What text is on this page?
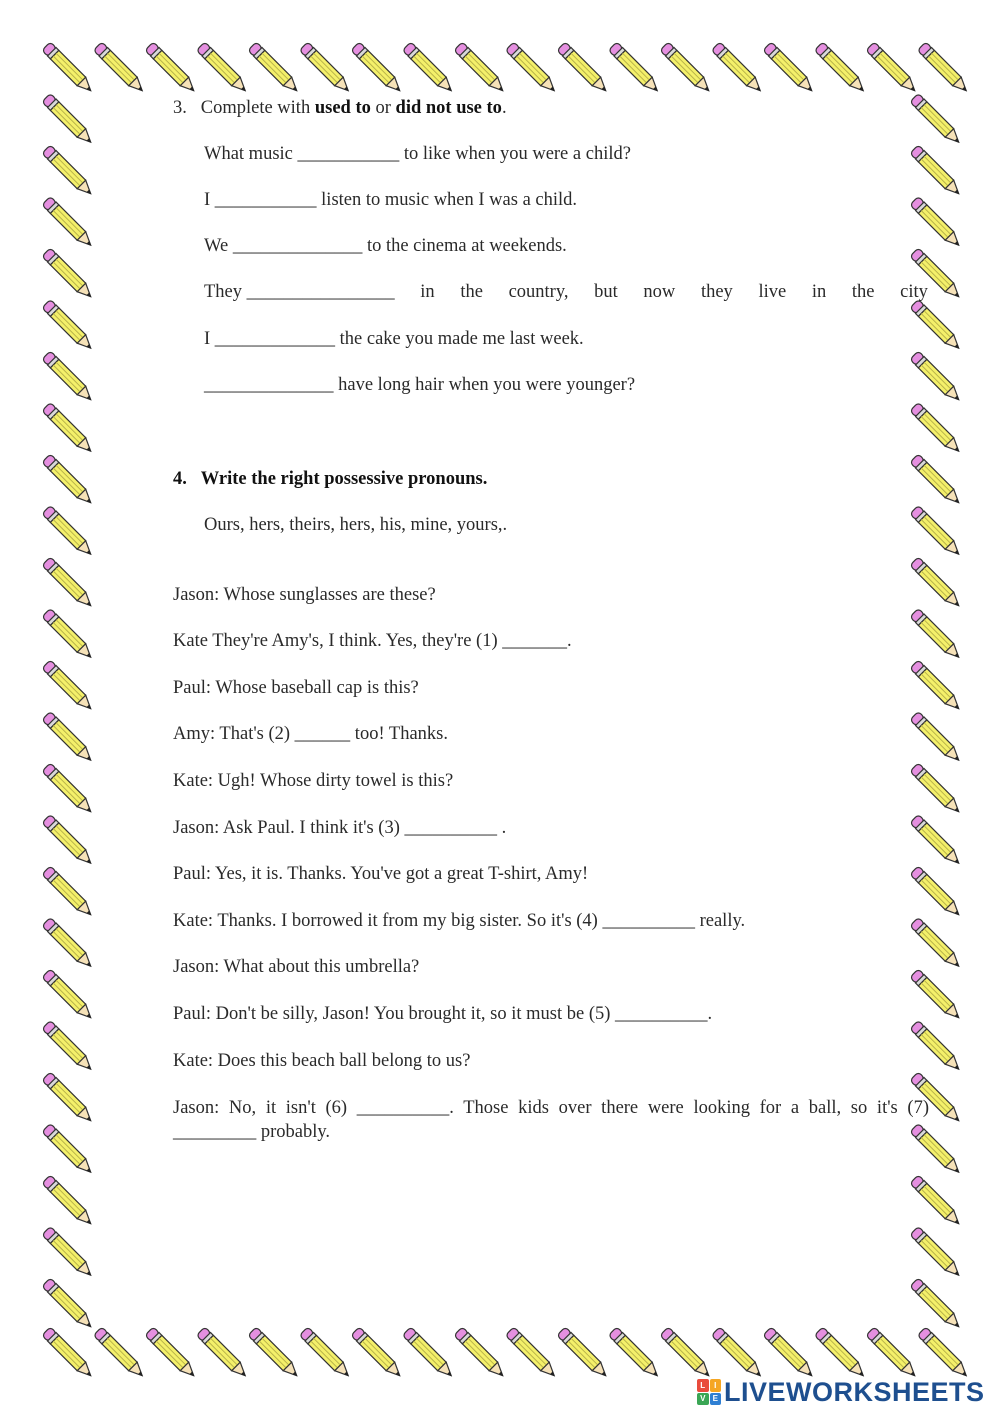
3. Complete with used to or did not use to.
What music ___________ to like when you were a child?
I ___________ listen to music when I was a child.
We ______________ to the cinema at weekends.
They ________________ in the country, but now they live in the city
I _____________ the cake you made me last week.
______________ have long hair when you were younger?
4. Write the right possessive pronouns.
Ours, hers, theirs, hers, his, mine, yours,.
Jason: Whose sunglasses are these?
Kate They're Amy's, I think. Yes, they're (1) _______.
Paul: Whose baseball cap is this?
Amy: That's (2) ______ too! Thanks.
Kate: Ugh! Whose dirty towel is this?
Jason: Ask Paul. I think it's (3) __________ .
Paul: Yes, it is. Thanks. You've got a great T-shirt, Amy!
Kate: Thanks. I borrowed it from my big sister. So it's (4) __________ really.
Jason: What about this umbrella?
Paul: Don't be silly, Jason! You brought it, so it must be (5) __________.
Kate: Does this beach ball belong to us?
Jason: No, it isn't (6) __________. Those kids over there were looking for a ball, so it's (7) _________ probably.
L	I
V E LIVEWORKSHEETS
